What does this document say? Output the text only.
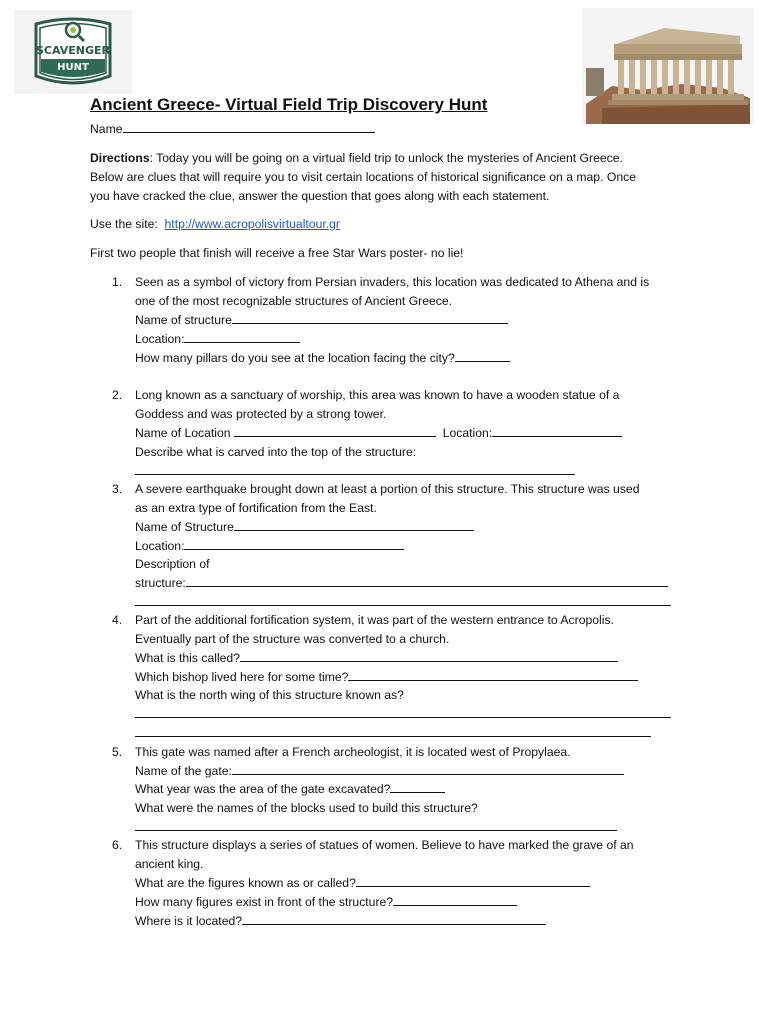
SCAVENGER
HUNT
Ancient Greece- Virtual Field Trip Discovery Hunt
Name
Directions: Today you will be going on a virtual field trip to unlock the mysteries of Ancient Greece.
Below are clues that will require you to visit certain locations of historical significance on a map. Once
you have cracked the clue, answer the question that goes along with each statement.
Use the site: http://www.acropolisvirtualtour.gr
First two people that finish will receive a free Star Wars poster- no lie!
1.	Seen as a symbol of victory from Persian invaders, this location was dedicated to Athena and is
one of the most recognizable structures of Ancient Greece.
Name of structure
Location:
How many pillars do you see at the location facing the city?
2.	Long known as a sanctuary of worship, this area was known to have a wooden statue of a
Goddess and was protected by a strong tower.
Name of Location	Location:
Describe what is carved into the top of the structure:
3.	A severe earthquake brought down at least a portion of this structure. This structure was used
as an extra type of fortification from the East.
Name of Structure
Location:
Description of
structure:
4.	Part of the additional fortification system, it was part of the western entrance to Acropolis.
Eventually part of the structure was converted to a church.
What is this called?
Which bishop lived here for some time?
What is the north wing of this structure known as?
5.	This gate was named after a French archeologist, it is located west of Propylaea.
Name of the gate:
What year was the area of the gate excavated?
What were the names of the blocks used to build this structure?
6.	This structure displays a series of statues of women. Believe to have marked the grave of an
ancient king.
What are the figures known as or called?
How many figures exist in front of the structure?
Where is it located?
